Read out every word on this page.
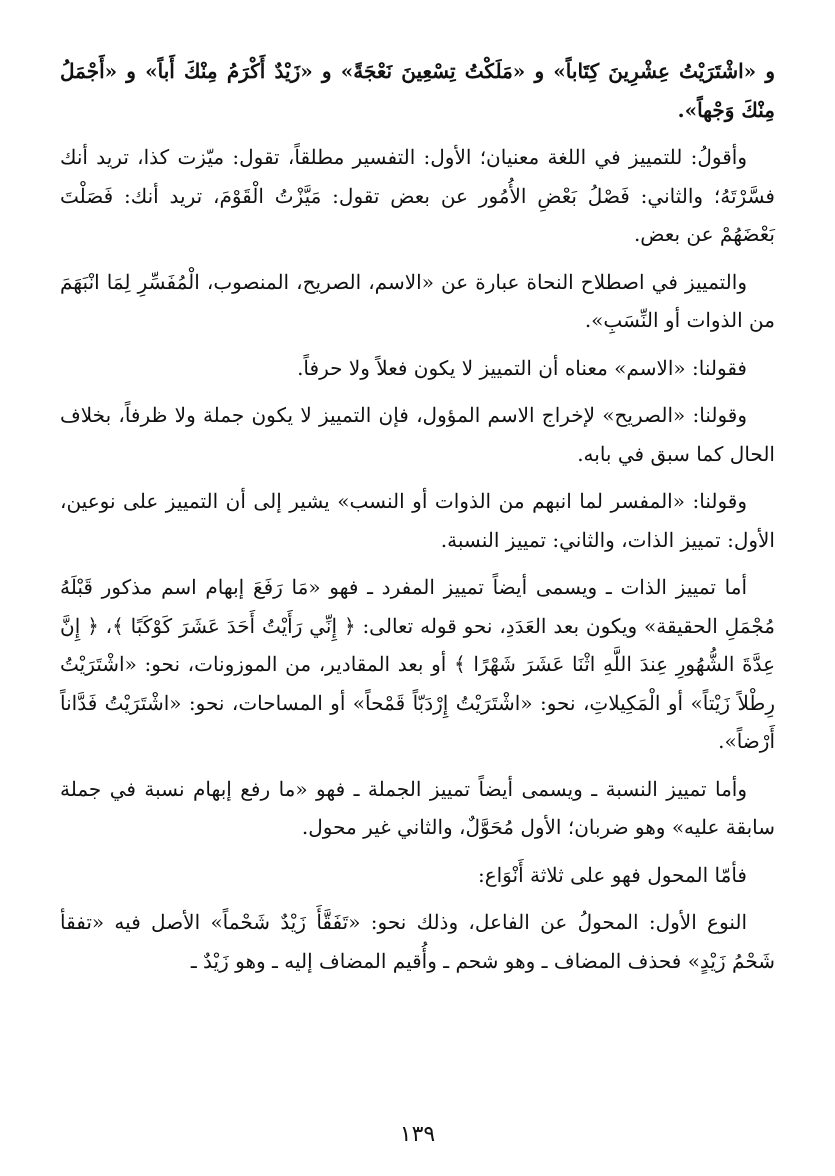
و «اشْتَرَيْتُ عِشْرِينَ كِتَاباً» و «مَلَكْتُ تِسْعِينَ نَعْجَةً» و «زَيْدٌ أَكْرَمُ مِنْكَ أَباً» و «أَجْمَلُ مِنْكَ وَجْهاً».

وأقولُ: للتمييز في اللغة معنيان؛ الأول: التفسير مطلقاً، تقول: ميّزت كذا، تريد أنك فسَّرْتَهُ؛ والثاني: فَصْلُ بَعْضِ الأُمُور عن بعض تقول: مَيَّزْتُ الْقَوْمَ، تريد أنك: فَصَلْتَ بَعْضَهُمْ عن بعض.

والتمييز في اصطلاح النحاة عبارة عن «الاسم، الصريح، المنصوب، الْمُفَسِّرِ لِمَا انْبَهَمَ من الذوات أو النِّسَبِ».

فقولنا: «الاسم» معناه أن التمييز لا يكون فعلاً ولا حرفاً.

وقولنا: «الصريح» لإخراج الاسم المؤول، فإن التمييز لا يكون جملة ولا ظرفاً، بخلاف الحال كما سبق في بابه.

وقولنا: «المفسر لما انبهم من الذوات أو النسب» يشير إلى أن التمييز على نوعين، الأول: تمييز الذات، والثاني: تمييز النسبة.

أما تمييز الذات ـ ويسمى أيضاً تمييز المفرد ـ فهو «مَا رَفَعَ إبهام اسم مذكور قَبْلَهُ مُجْمَلِ الحقيقة» ويكون بعد العَدَدِ، نحو قوله تعالى: ﴿ إِنِّي رَأَيْتُ أَحَدَ عَشَرَ كَوْكَبًا ﴾، ﴿ إِنَّ عِدَّةَ الشُّهُورِ عِندَ اللَّهِ اثْنَا عَشَرَ شَهْرًا ﴾ أو بعد المقادير، من الموزونات، نحو: «اشْتَرَيْتُ رِطْلاً زَيْتاً» أو الْمَكِيلاتِ، نحو: «اشْتَرَيْتُ إِرْدَبّاً قَمْحاً» أو المساحات، نحو: «اشْتَرَيْتُ فَدَّاناً أَرْضاً».

وأما تمييز النسبة ـ ويسمى أيضاً تمييز الجملة ـ فهو «ما رفع إبهام نسبة في جملة سابقة عليه» وهو ضربان؛ الأول مُحَوَّلٌ، والثاني غير محول.

فأمّا المحول فهو على ثلاثة أَنْوَاع:

النوع الأول: المحولُ عن الفاعل، وذلك نحو: «تَفَقَّأَ زَيْدٌ شَحْماً» الأصل فيه «تفقأ شَحْمُ زَيْدٍ» فحذف المضاف ـ وهو شحم ـ وأُقيم المضاف إليه ـ وهو زَيْدٌ ـ

١٣٩
